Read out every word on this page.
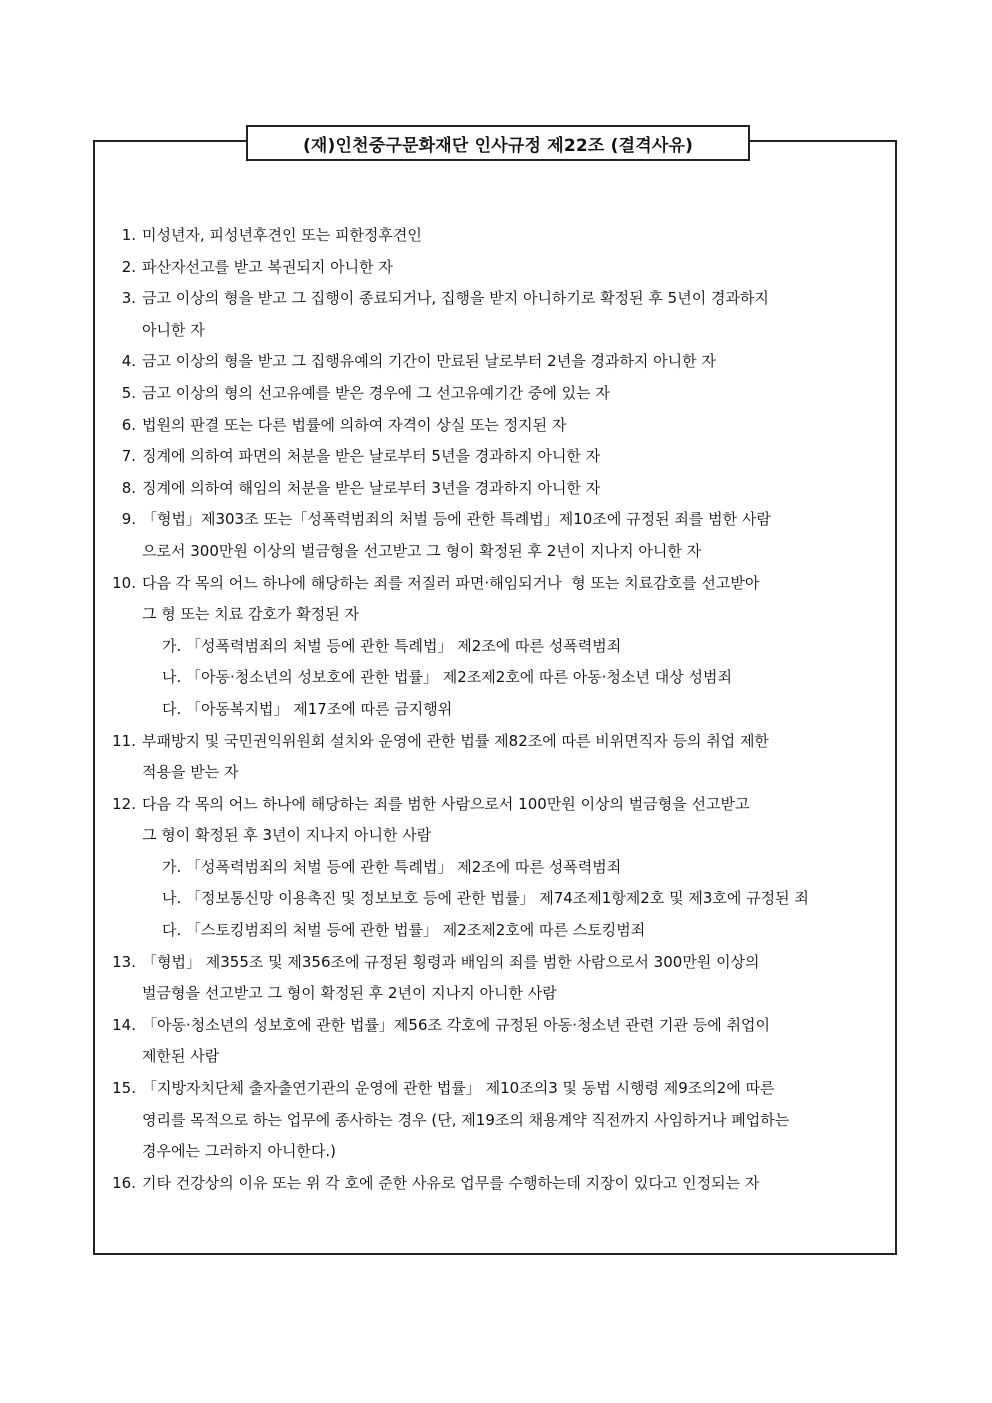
(재)인천중구문화재단 인사규정 제22조 (결격사유)
1. 미성년자, 피성년후견인 또는 피한정후견인
2. 파산자선고를 받고 복권되지 아니한 자
3. 금고 이상의 형을 받고 그 집행이 종료되거나, 집행을 받지 아니하기로 확정된 후 5년이 경과하지
아니한 자
4. 금고 이상의 형을 받고 그 집행유예의 기간이 만료된 날로부터 2년을 경과하지 아니한 자
5. 금고 이상의 형의 선고유예를 받은 경우에 그 선고유예기간 중에 있는 자
6. 법원의 판결 또는 다른 법률에 의하여 자격이 상실 또는 정지된 자
7. 징계에 의하여 파면의 처분을 받은 날로부터 5년을 경과하지 아니한 자
8. 징계에 의하여 해임의 처분을 받은 날로부터 3년을 경과하지 아니한 자
9. 「형법」제303조 또는「성폭력범죄의 처벌 등에 관한 특례법」제10조에 규정된 죄를 범한 사람
으로서 300만원 이상의 벌금형을 선고받고 그 형이 확정된 후 2년이 지나지 아니한 자
10. 다음 각 목의 어느 하나에 해당하는 죄를 저질러 파면·해임되거나  형 또는 치료감호를 선고받아
그 형 또는 치료 감호가 확정된 자
가. 「성폭력범죄의 처벌 등에 관한 특례법」 제2조에 따른 성폭력범죄
나. 「아동·청소년의 성보호에 관한 법률」 제2조제2호에 따른 아동·청소년 대상 성범죄
다. 「아동복지법」 제17조에 따른 금지행위
11. 부패방지 및 국민권익위원회 설치와 운영에 관한 법률 제82조에 따른 비위면직자 등의 취업 제한
적용을 받는 자
12. 다음 각 목의 어느 하나에 해당하는 죄를 범한 사람으로서 100만원 이상의 벌금형을 선고받고
그 형이 확정된 후 3년이 지나지 아니한 사람
가. 「성폭력범죄의 처벌 등에 관한 특례법」 제2조에 따른 성폭력범죄
나. 「정보통신망 이용촉진 및 정보보호 등에 관한 법률」 제74조제1항제2호 및 제3호에 규정된 죄
다. 「스토킹범죄의 처벌 등에 관한 법률」 제2조제2호에 따른 스토킹범죄
13. 「형법」 제355조 및 제356조에 규정된 횡령과 배임의 죄를 범한 사람으로서 300만원 이상의
벌금형을 선고받고 그 형이 확정된 후 2년이 지나지 아니한 사람
14. 「아동·청소년의 성보호에 관한 법률」제56조 각호에 규정된 아동·청소년 관련 기관 등에 취업이
제한된 사람
15. 「지방자치단체 출자출연기관의 운영에 관한 법률」 제10조의3 및 동법 시행령 제9조의2에 따른
영리를 목적으로 하는 업무에 종사하는 경우 (단, 제19조의 채용계약 직전까지 사임하거나 폐업하는
경우에는 그러하지 아니한다.)
16. 기타 건강상의 이유 또는 위 각 호에 준한 사유로 업무를 수행하는데 지장이 있다고 인정되는 자
